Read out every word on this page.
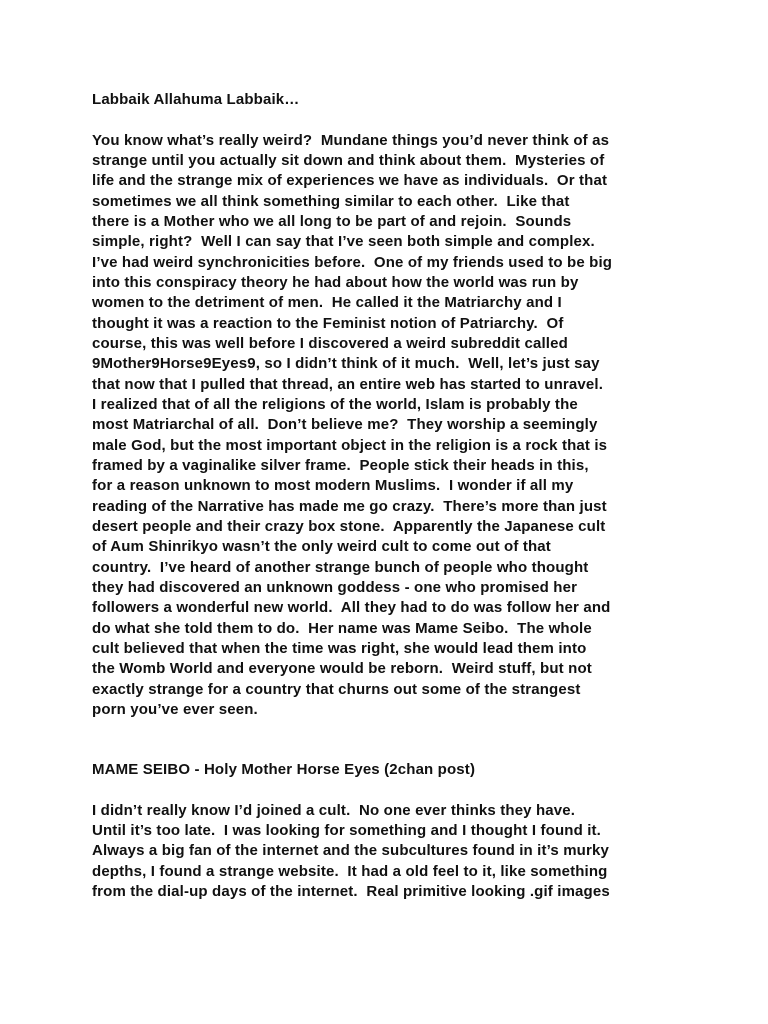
Labbaik Allahuma Labbaik…
You know what’s really weird?  Mundane things you’d never think of as
strange until you actually sit down and think about them.  Mysteries of
life and the strange mix of experiences we have as individuals.  Or that
sometimes we all think something similar to each other.  Like that
there is a Mother who we all long to be part of and rejoin.  Sounds
simple, right?  Well I can say that I’ve seen both simple and complex.
I’ve had weird synchronicities before.  One of my friends used to be big
into this conspiracy theory he had about how the world was run by
women to the detriment of men.  He called it the Matriarchy and I
thought it was a reaction to the Feminist notion of Patriarchy.  Of
course, this was well before I discovered a weird subreddit called
9Mother9Horse9Eyes9, so I didn’t think of it much.  Well, let’s just say
that now that I pulled that thread, an entire web has started to unravel.
I realized that of all the religions of the world, Islam is probably the
most Matriarchal of all.  Don’t believe me?  They worship a seemingly
male God, but the most important object in the religion is a rock that is
framed by a vaginalike silver frame.  People stick their heads in this,
for a reason unknown to most modern Muslims.  I wonder if all my
reading of the Narrative has made me go crazy.  There’s more than just
desert people and their crazy box stone.  Apparently the Japanese cult
of Aum Shinrikyo wasn’t the only weird cult to come out of that
country.  I’ve heard of another strange bunch of people who thought
they had discovered an unknown goddess - one who promised her
followers a wonderful new world.  All they had to do was follow her and
do what she told them to do.  Her name was Mame Seibo.  The whole
cult believed that when the time was right, she would lead them into
the Womb World and everyone would be reborn.  Weird stuff, but not
exactly strange for a country that churns out some of the strangest
porn you’ve ever seen.
MAME SEIBO - Holy Mother Horse Eyes (2chan post)
I didn’t really know I’d joined a cult.  No one ever thinks they have.
Until it’s too late.  I was looking for something and I thought I found it.
Always a big fan of the internet and the subcultures found in it’s murky
depths, I found a strange website.  It had a old feel to it, like something
from the dial-up days of the internet.  Real primitive looking .gif images
